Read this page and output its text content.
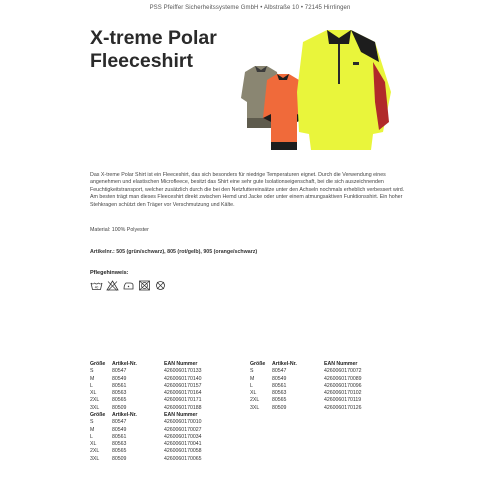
PSS Pfeiffer Sicherheitssysteme GmbH • Albstraße 10 • 72145 Hirrlingen
X-treme Polar
Fleeceshirt

Das X-treme Polar Shirt ist ein Fleeceshirt, das sich besonders für niedrige Temperaturen eignet. Durch die Verwendung eines angenehmen und elastischen Microfleece, besitzt das Shirt eine sehr gute Isolationseigenschaft, bei die sich auszeichnenden Feuchtigkeitstransport, welcher zusätzlich durch die bei den Netzfuttereinsätze unter den Achseln nochmals erheblich verbessert wird. Am besten trägt man dieses Fleeceshirt direkt zwischen Hemd und Jacke oder unter einem atmungsaktiven Funktionsshirt. Ein hoher Stehkragen schützt den Träger vor Verschmutzung und Kälte.

Material: 100% Polyester
Artikelnr.: 505 (grün/schwarz), 805 (rot/gelb), 905 (orange/schwarz)
Pflegehinweis:
40
Größe	Artikel-Nr.	EAN Nummer
S	80547	4260060170133
M	80549	4260060170140
L	80561	4260060170157
XL	80563	4260060170164
2XL	80565	4260060170171
3XL	80509	4260060170188
Größe	Artikel-Nr.	EAN Nummer
S	80547	4260060170072
M	80549	4260060170089
L	80561	4260060170096
XL	80563	4260060170102
2XL	80565	4260060170119
3XL	80509	4260060170126
Größe	Artikel-Nr.	EAN Nummer
S	80547	4260060170010
M	80549	4260060170027
L	80561	4260060170034
XL	80563	4260060170041
2XL	80565	4260060170058
3XL	80509	4260060170065
